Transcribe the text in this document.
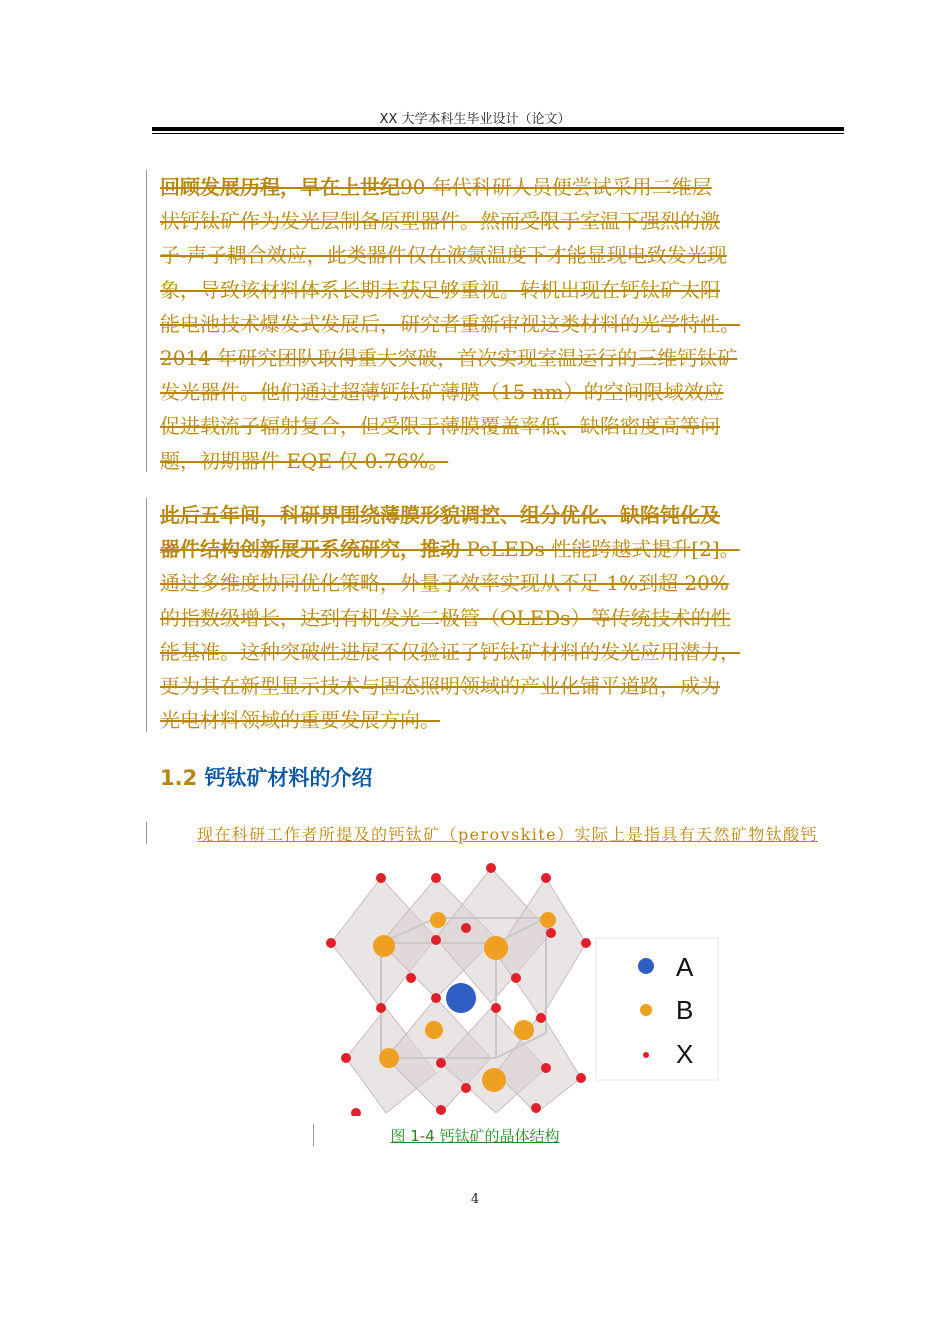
XX 大学本科生毕业设计（论文）
回顾发展历程，早在上世纪90 年代科研人员便尝试采用二维层
状钙钛矿作为发光层制备原型器件。然而受限于室温下强烈的激
子-声子耦合效应，此类器件仅在液氮温度下才能显现电致发光现
象，导致该材料体系长期未获足够重视。转机出现在钙钛矿太阳
能电池技术爆发式发展后，研究者重新审视这类材料的光学特性。
2014 年研究团队取得重大突破，首次实现室温运行的三维钙钛矿
发光器件。他们通过超薄钙钛矿薄膜（15 nm）的空间限域效应
促进载流子辐射复合，但受限于薄膜覆盖率低、缺陷密度高等问
题，初期器件 EQE 仅 0.76%。
此后五年间，科研界围绕薄膜形貌调控、组分优化、缺陷钝化及
器件结构创新展开系统研究，推动 PeLEDs 性能跨越式提升[2]。
通过多维度协同优化策略，外量子效率实现从不足 1%到超 20%
的指数级增长，达到有机发光二极管（OLEDs）等传统技术的性
能基准。这种突破性进展不仅验证了钙钛矿材料的发光应用潜力，
更为其在新型显示技术与固态照明领域的产业化铺平道路，成为
光电材料领域的重要发展方向。
1.2 钙钛矿材料的介绍
现在科研工作者所提及的钙钛矿（perovskite）实际上是指具有天然矿物钛酸钙
A
B
X
图 1-4 钙钛矿的晶体结构
4
